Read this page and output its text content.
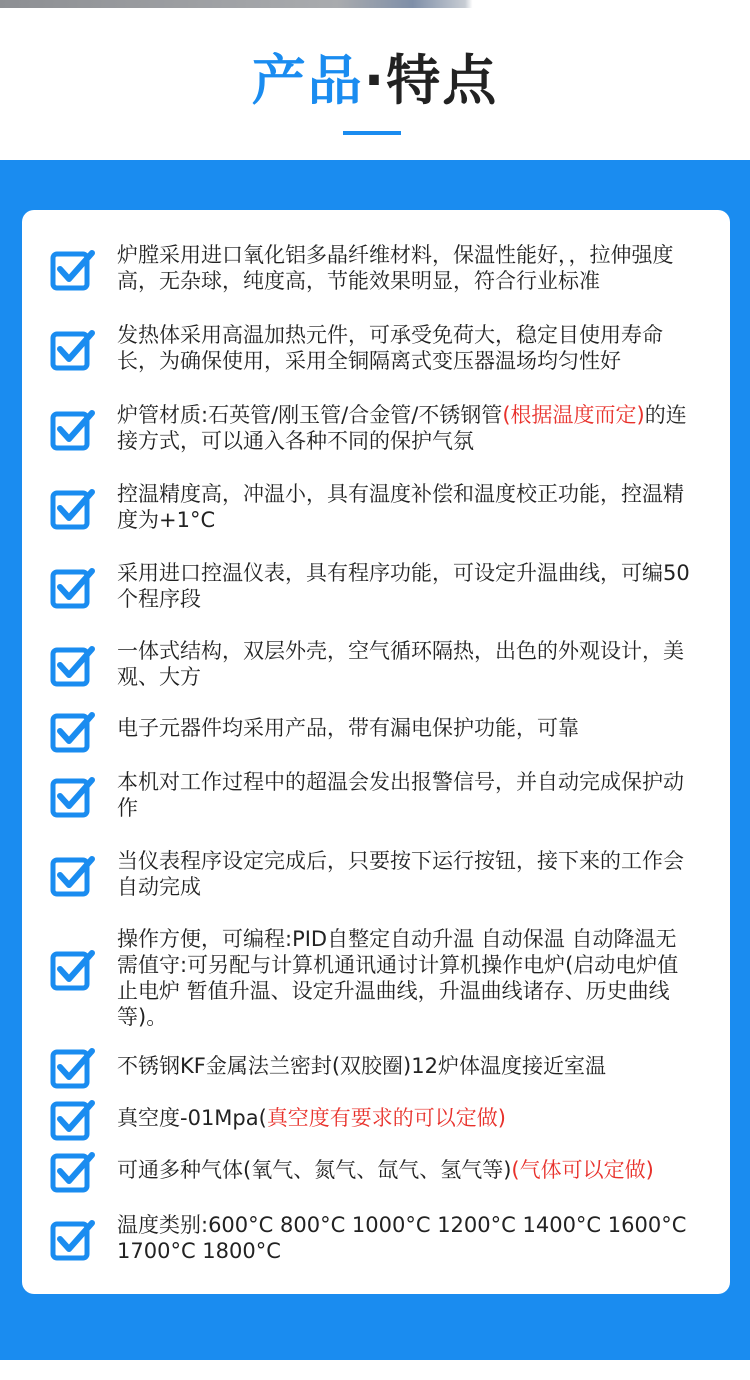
产品·特点
炉膛采用进口氧化铝多晶纤维材料，保温性能好，，拉伸强度高，无杂球，纯度高，节能效果明显，符合行业标准
发热体采用高温加热元件，可承受免荷大，稳定目使用寿命长，为确保使用，采用全铜隔离式变压器温场均匀性好
炉管材质:石英管/刚玉管/合金管/不锈钢管(根据温度而定)的连接方式，可以通入各种不同的保护气氛
控温精度高，冲温小，具有温度补偿和温度校正功能，控温精度为+1°C
采用进口控温仪表，具有程序功能，可设定升温曲线，可编50个程序段
一体式结构，双层外壳，空气循环隔热，出色的外观设计，美观、大方
电子元器件均采用产品，带有漏电保护功能，可靠
本机对工作过程中的超温会发出报警信号，并自动完成保护动作
当仪表程序设定完成后，只要按下运行按钮，接下来的工作会自动完成
操作方便，可编程:PID自整定自动升温 自动保温 自动降温无需值守:可另配与计算机通讯通讨计算机操作电炉(启动电炉值止电炉 暂值升温、设定升温曲线，升温曲线诸存、历史曲线等)。
不锈钢KF金属法兰密封(双胶圈)12炉体温度接近室温
真空度-01Mpa(真空度有要求的可以定做)
可通多种气体(氧气、氮气、氙气、氢气等)(气体可以定做)
温度类别:600°C 800°C 1000°C 1200°C 1400°C 1600°C 1700°C 1800°C
